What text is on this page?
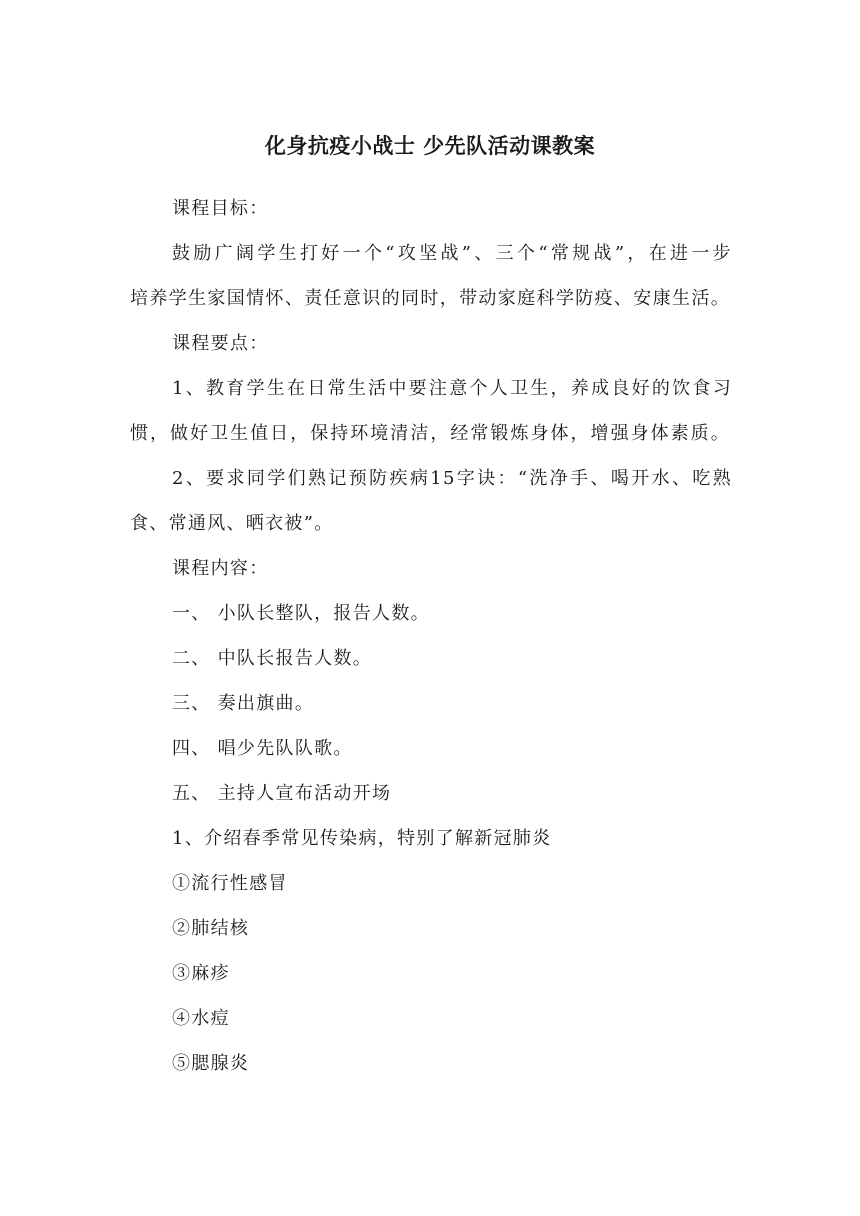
化身抗疫小战士 少先队活动课教案
课程目标：
鼓励广阔学生打好一个“攻坚战”、三个“常规战”，在进一步
培养学生家国情怀、责任意识的同时，带动家庭科学防疫、安康生活。
课程要点：
1、教育学生在日常生活中要注意个人卫生，养成良好的饮食习
惯，做好卫生值日，保持环境清洁，经常锻炼身体，增强身体素质。
2、要求同学们熟记预防疾病15字诀：“洗净手、喝开水、吃熟
食、常通风、晒衣被”。
课程内容：
一、 小队长整队，报告人数。
二、 中队长报告人数。
三、 奏出旗曲。
四、 唱少先队队歌。
五、 主持人宣布活动开场
1、介绍春季常见传染病，特别了解新冠肺炎
①流行性感冒
②肺结核
③麻疹
④水痘
⑤腮腺炎
